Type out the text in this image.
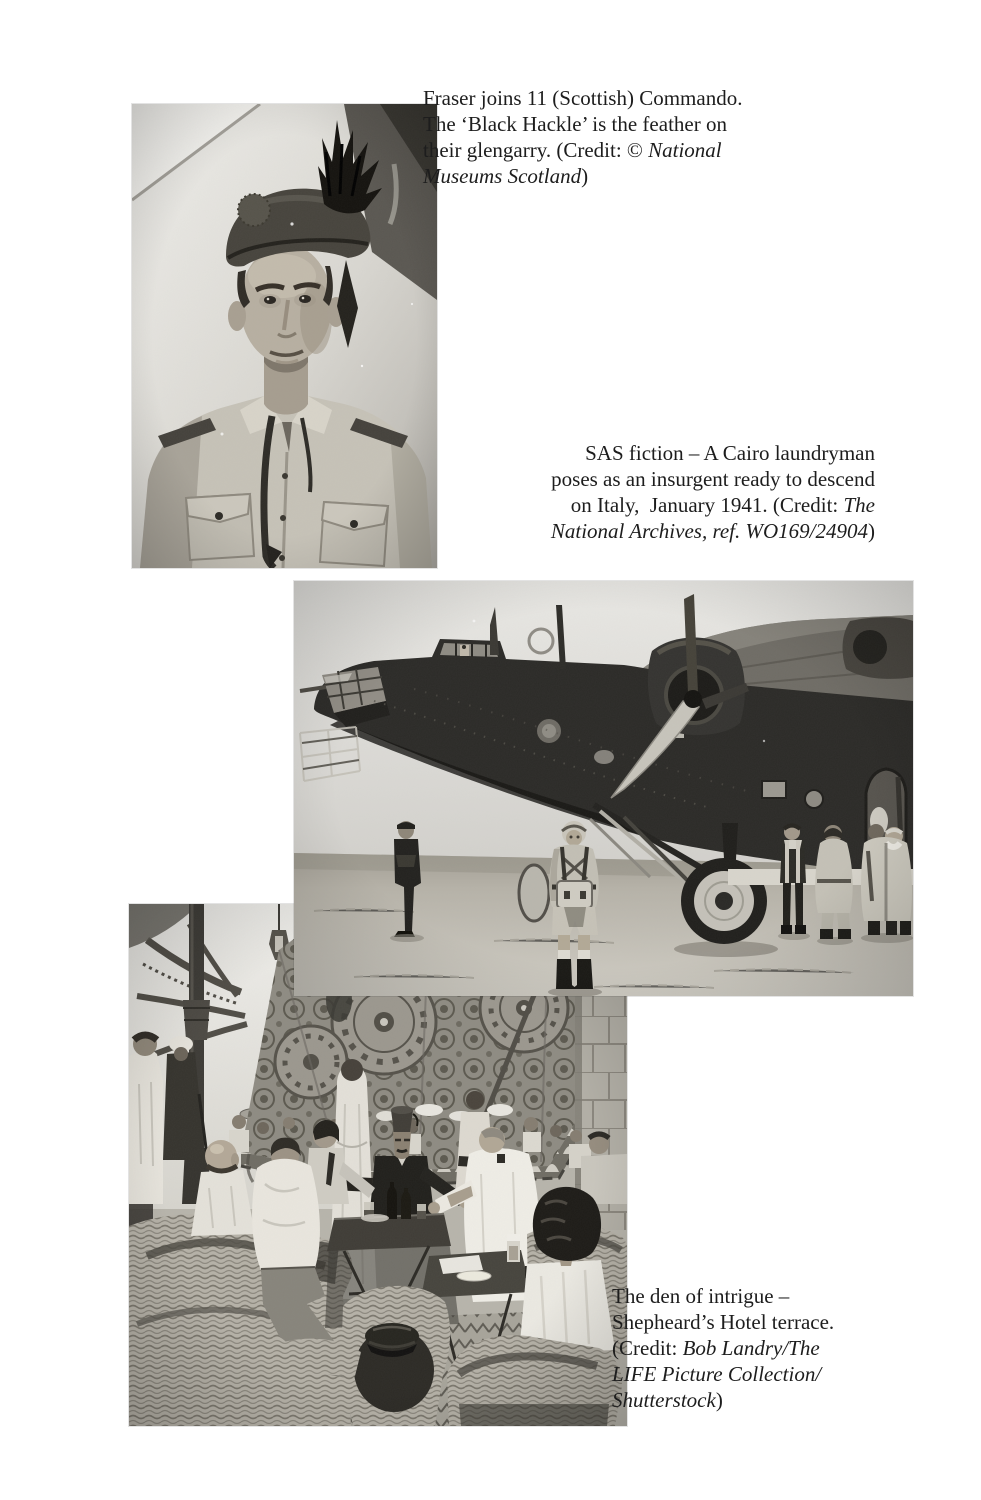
Fraser joins 11 (Scottish) Commando.
The ‘Black Hackle’ is the feather on
their glengarry. (Credit: © National
Museums Scotland)
SAS fiction – A Cairo laundryman
poses as an insurgent ready to descend
on Italy,  January 1941. (Credit: The
National Archives, ref. WO169/24904)
The den of intrigue –
Shepheard’s Hotel terrace.
(Credit: Bob Landry/The
LIFE Picture Collection/
Shutterstock)
